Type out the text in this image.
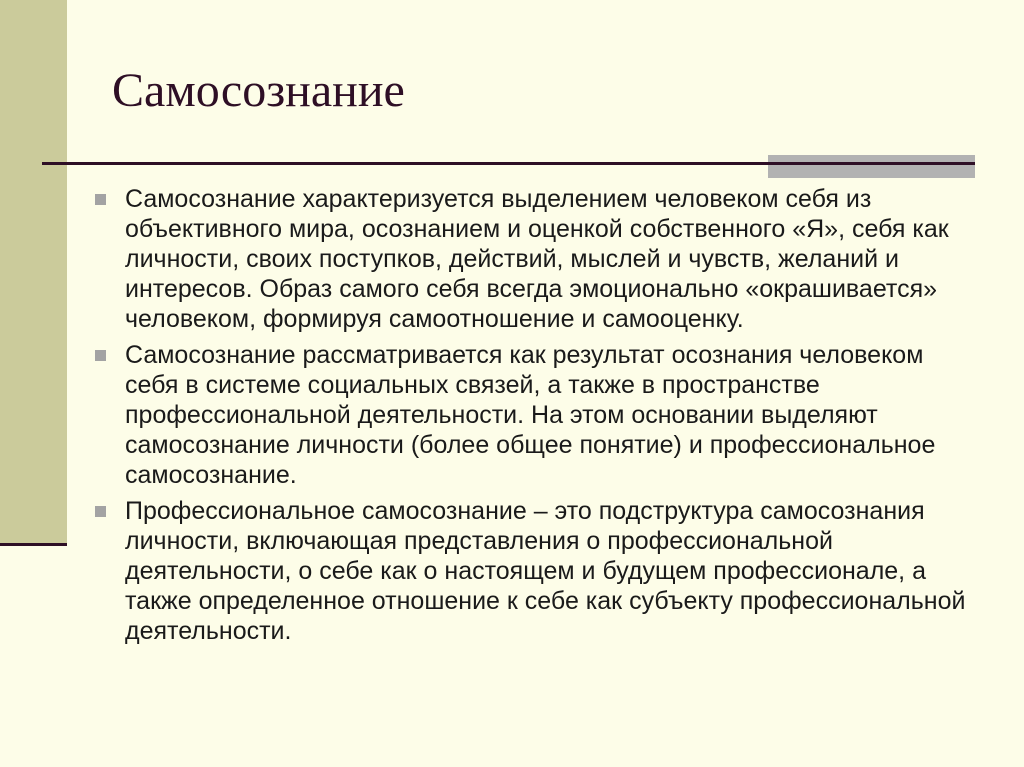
Самосознание
Самосознание характеризуется выделением человеком себя из объективного мира, осознанием и оценкой собственного «Я», себя как личности, своих поступков, действий, мыслей и чувств, желаний и интересов. Образ самого себя всегда эмоционально «окрашивается» человеком, формируя самоотношение и самооценку.
Самосознание рассматривается как результат осознания человеком себя в системе социальных связей, а также в пространстве профессиональной деятельности. На этом основании выделяют самосознание личности (более общее понятие) и профессиональное самосознание.
Профессиональное самосознание – это подструктура самосознания личности, включающая представления о профессиональной деятельности, о себе как о настоящем и будущем профессионале, а также определенное отношение к себе как субъекту профессиональной деятельности.
